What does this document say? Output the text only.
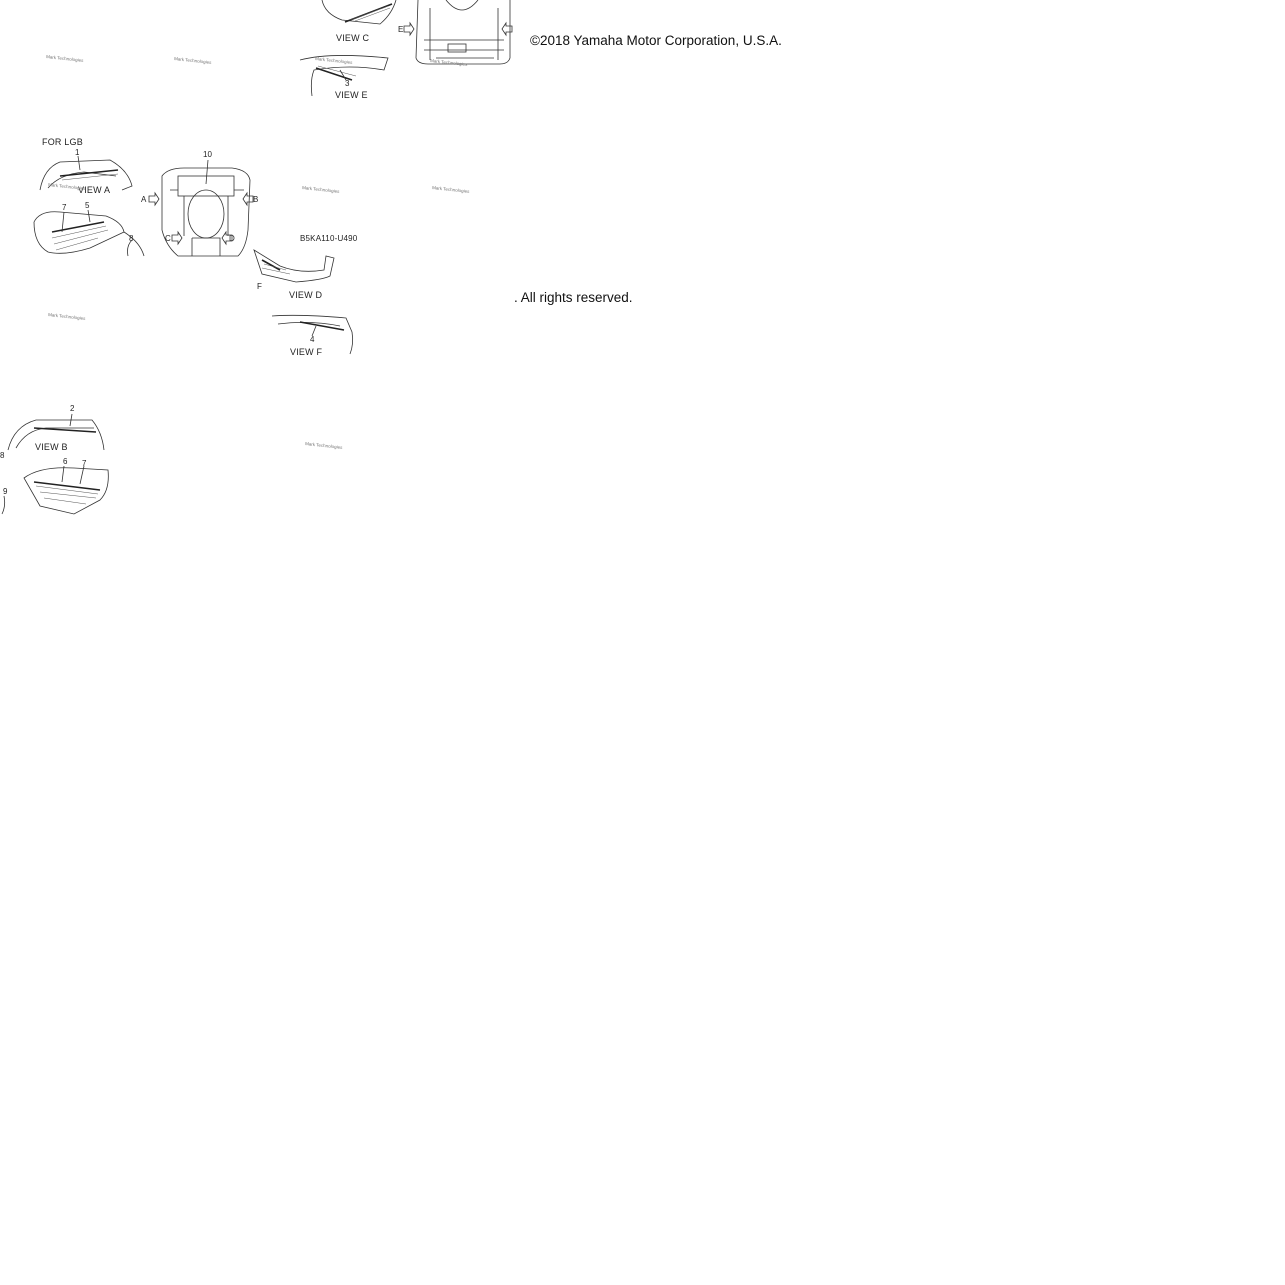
©2018 Yamaha Motor Corporation, U.S.A.
. All rights reserved.
FOR LGB
B5KA110-U490
VIEW C
VIEW E
VIEW A
VIEW D
VIEW F
VIEW B
A	B
C	D
E
F
1
2
3
4
5
6
7
7
8
8
9
10
Mark Technologies	Mark Technologies	Mark Technologies	Mark Technologies
Mark Technologies	Mark Technologies	Mark Technologies
Mark Technologies
Mark Technologies
